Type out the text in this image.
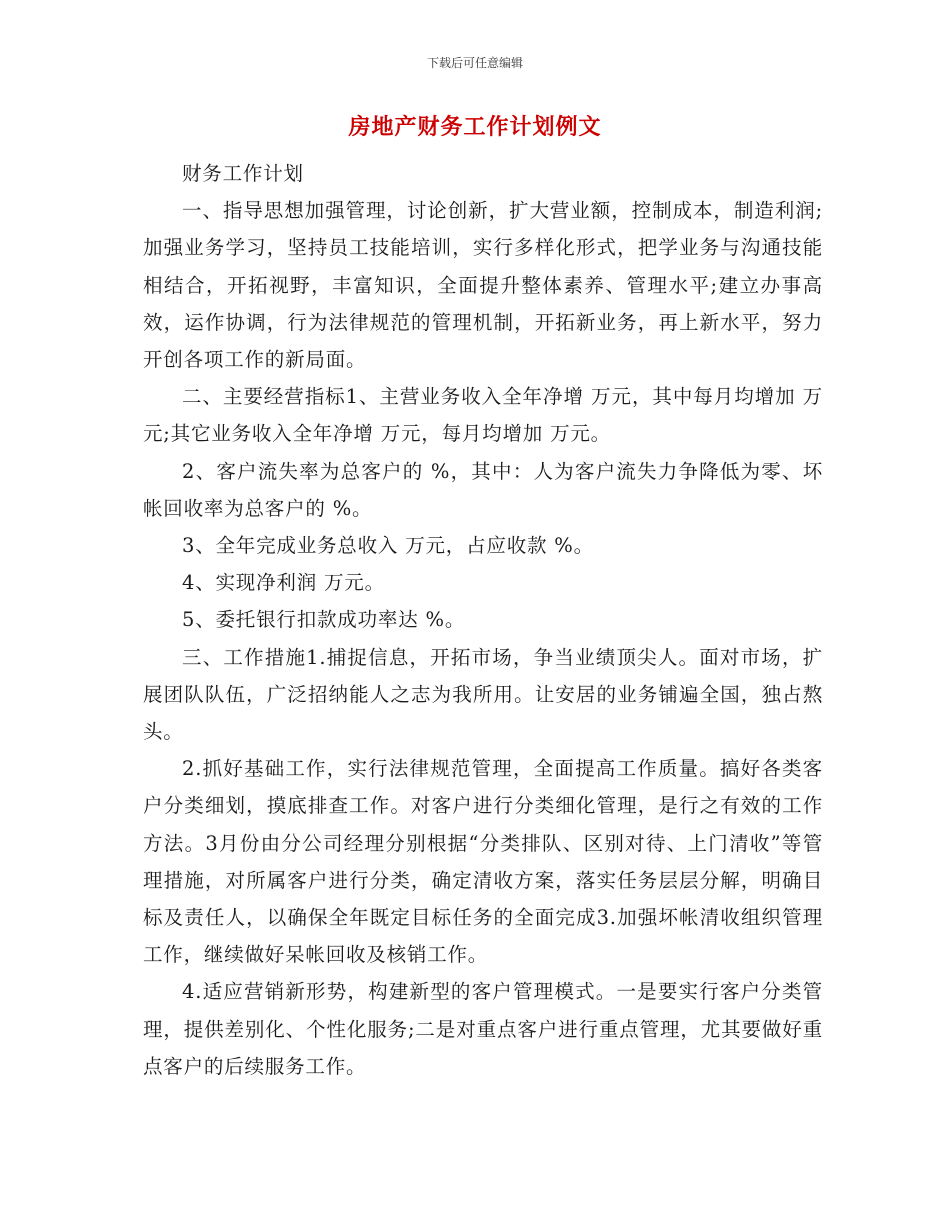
下载后可任意编辑
房地产财务工作计划例文

财务工作计划

一、指导思想加强管理，讨论创新，扩大营业额，控制成本，制造利润;加强业务学习，坚持员工技能培训，实行多样化形式，把学业务与沟通技能相结合，开拓视野，丰富知识，全面提升整体素养、管理水平;建立办事高效，运作协调，行为法律规范的管理机制，开拓新业务，再上新水平，努力开创各项工作的新局面。

二、主要经营指标1、主营业务收入全年净增 万元，其中每月均增加 万元;其它业务收入全年净增 万元，每月均增加 万元。

2、客户流失率为总客户的 %，其中：人为客户流失力争降低为零、坏帐回收率为总客户的 %。

3、全年完成业务总收入 万元，占应收款 %。

4、实现净利润 万元。

5、委托银行扣款成功率达 %。

三、工作措施1.捕捉信息，开拓市场，争当业绩顶尖人。面对市场，扩展团队队伍，广泛招纳能人之志为我所用。让安居的业务铺遍全国，独占熬头。

2.抓好基础工作，实行法律规范管理，全面提高工作质量。搞好各类客户分类细划，摸底排查工作。对客户进行分类细化管理，是行之有效的工作方法。3月份由分公司经理分别根据“分类排队、区别对待、上门清收”等管理措施，对所属客户进行分类，确定清收方案，落实任务层层分解，明确目标及责任人，以确保全年既定目标任务的全面完成3.加强坏帐清收组织管理工作，继续做好呆帐回收及核销工作。

4.适应营销新形势，构建新型的客户管理模式。一是要实行客户分类管理，提供差别化、个性化服务;二是对重点客户进行重点管理，尤其要做好重点客户的后续服务工作。
